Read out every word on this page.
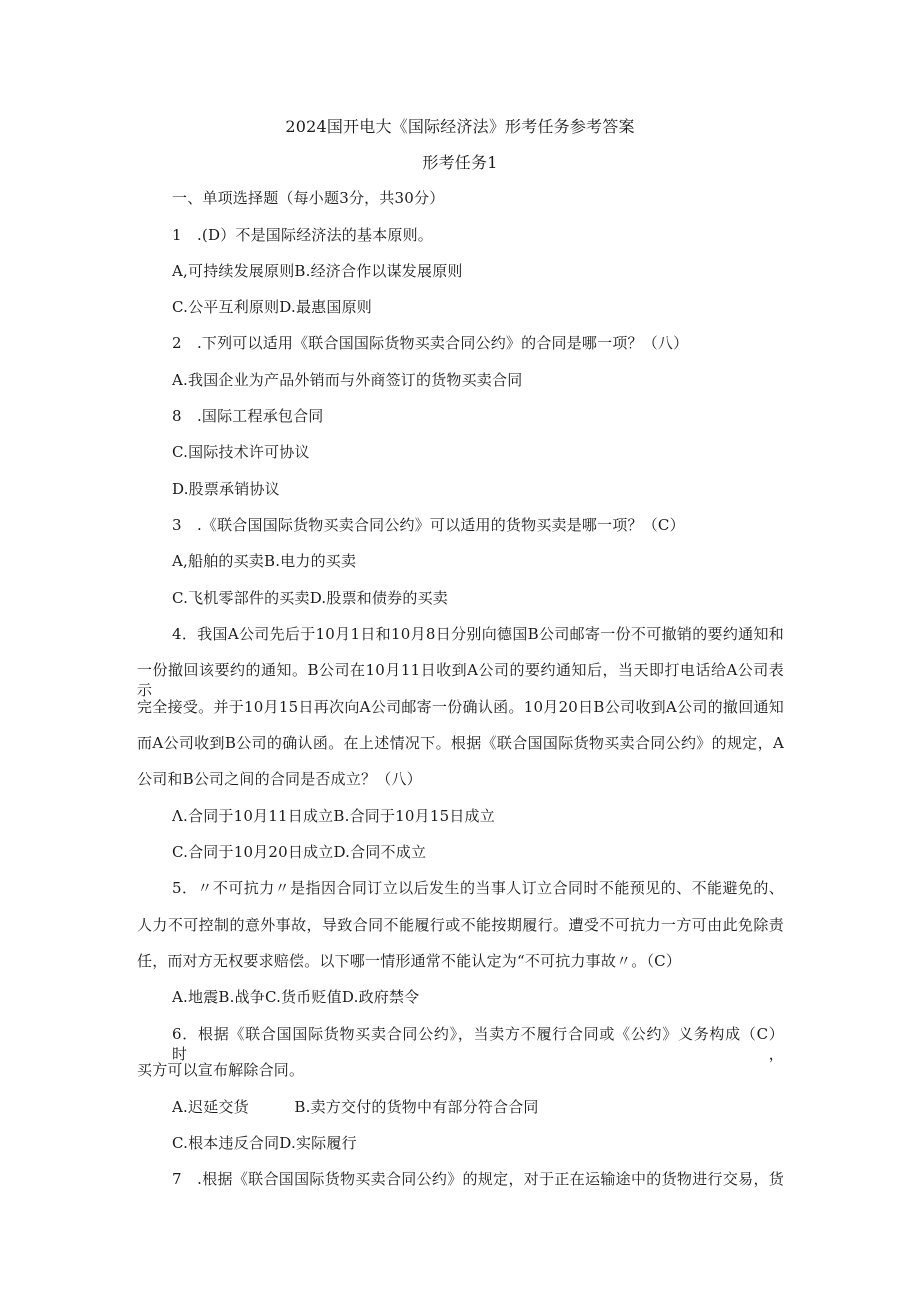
2024国开电大《国际经济法》形考任务参考答案
形考任务1
一、单项选择题（每小题3分，共30分）
1　.(D）不是国际经济法的基本原则。
A,可持续发展原则B.经济合作以谋发展原则
C.公平互利原则D.最惠国原则
2　.下列可以适用《联合国国际货物买卖合同公约》的合同是哪一项？（八）
A.我国企业为产品外销而与外商签订的货物买卖合同
8　.国际工程承包合同
C.国际技术许可协议
D.股票承销协议
3　.《联合国国际货物买卖合同公约》可以适用的货物买卖是哪一项？（C）
A,船舶的买卖B.电力的买卖
C.飞机零部件的买卖D.股票和债券的买卖
4．我国A公司先后于10月1日和10月8日分别向德国B公司邮寄一份不可撤销的要约通知和
一份撤回该要约的通知。B公司在10月11日收到A公司的要约通知后，当天即打电话给A公司表示
完全接受。并于10月15日再次向A公司邮寄一份确认函。10月20日B公司收到A公司的撤回通知
而A公司收到B公司的确认函。在上述情况下。根据《联合国国际货物买卖合同公约》的规定，A
公司和B公司之间的合同是否成立？（八）
Λ.合同于10月11日成立B.合同于10月15日成立
C.合同于10月20日成立D.合同不成立
5．〃不可抗力〃是指因合同订立以后发生的当事人订立合同时不能预见的、不能避免的、
人力不可控制的意外事故，导致合同不能履行或不能按期履行。遭受不可抗力一方可由此免除责
任，而对方无权要求赔偿。以下哪一情形通常不能认定为“不可抗力事故〃。（C）
A.地震B.战争C.货币贬值D.政府禁令
6．根据《联合国国际货物买卖合同公约》，当卖方不履行合同或《公约》义务构成（C）时，
买方可以宣布解除合同。
A.迟延交货　　　B.卖方交付的货物中有部分符合合同
C.根本违反合同D.实际履行
7　.根据《联合国国际货物买卖合同公约》的规定，对于正在运输途中的货物进行交易，货
